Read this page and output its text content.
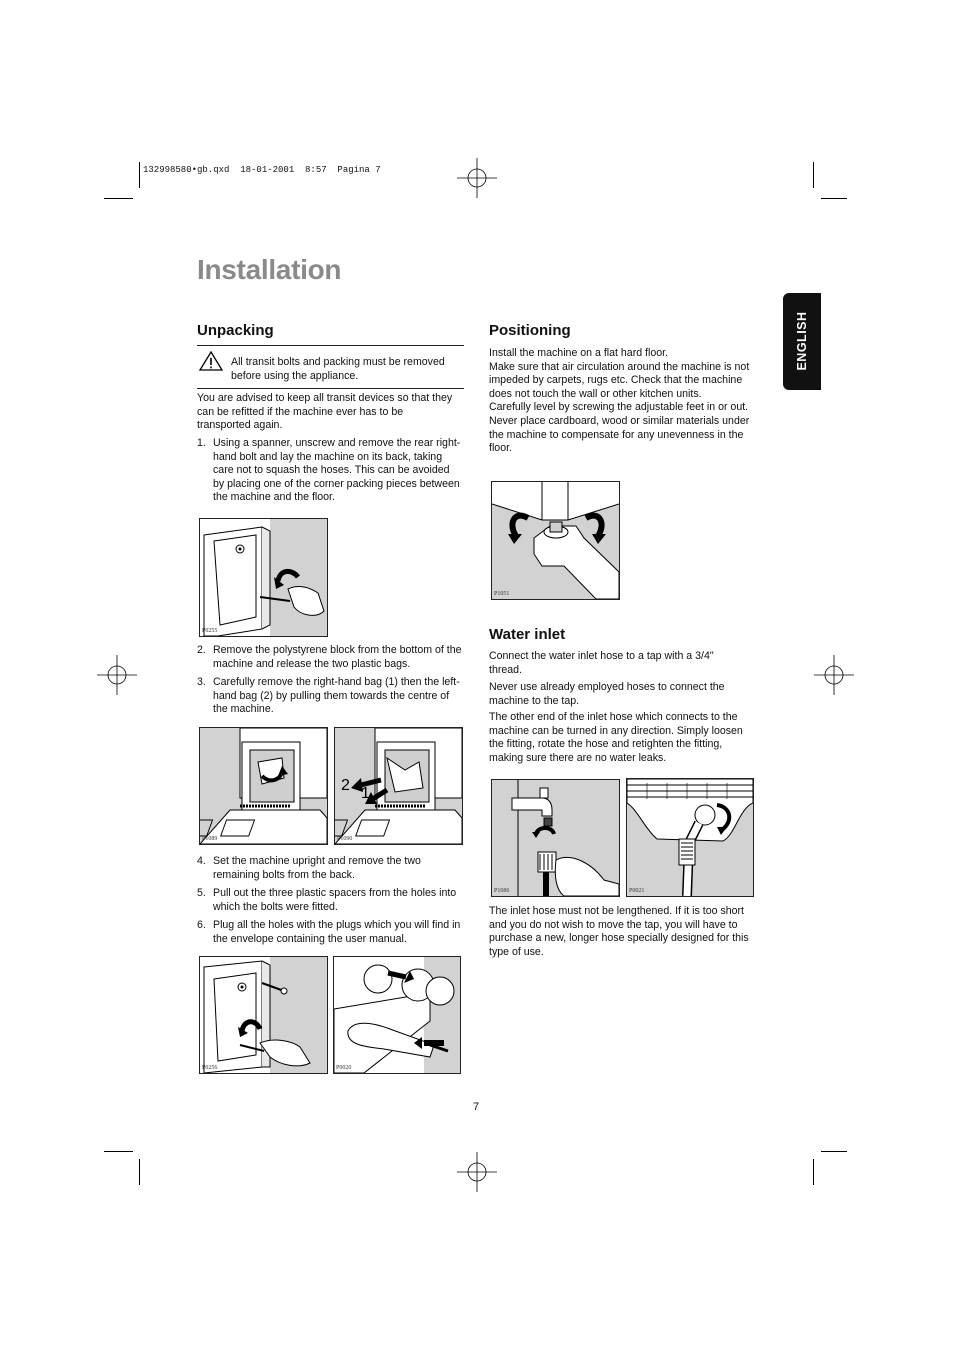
132998580•gb.qxd  18-01-2001  8:57  Pagina 7
Installation
ENGLISH
Unpacking
All transit bolts and packing must be removed before using the appliance.
You are advised to keep all transit devices so that they can be refitted if the machine ever has to be transported again.
1. Using a spanner, unscrew and remove the rear right-hand bolt and lay the machine on its back, taking care not to squash the hoses. This can be avoided by placing one of the corner packing pieces between the machine and the floor.
P0255
2. Remove the polystyrene block from the bottom of the machine and release the two plastic bags.
3. Carefully remove the right-hand bag (1) then the left-hand bag (2) by pulling them towards the centre of the machine.
P1089
2 1
P1090
4. Set the machine upright and remove the two remaining bolts from the back.
5. Pull out the three plastic spacers from the holes into which the bolts were fitted.
6. Plug all the holes with the plugs which you will find in the envelope containing the user manual.
P0256	P0020
Positioning
Install the machine on a flat hard floor.
Make sure that air circulation around the machine is not impeded by carpets, rugs etc. Check that the machine does not touch the wall or other kitchen units.
Carefully level by screwing the adjustable feet in or out. Never place cardboard, wood or similar materials under the machine to compensate for any unevenness in the floor.
P1051
Water inlet
Connect the water inlet hose to a tap with a 3/4" thread.
Never use already employed hoses to connect the machine to the tap.
The other end of the inlet hose which connects to the machine can be turned in any direction. Simply loosen the fitting, rotate the hose and retighten the fitting, making sure there are no water leaks.
P1086	P0021
The inlet hose must not be lengthened. If it is too short and you do not wish to move the tap, you will have to purchase a new, longer hose specially designed for this type of use.
7
